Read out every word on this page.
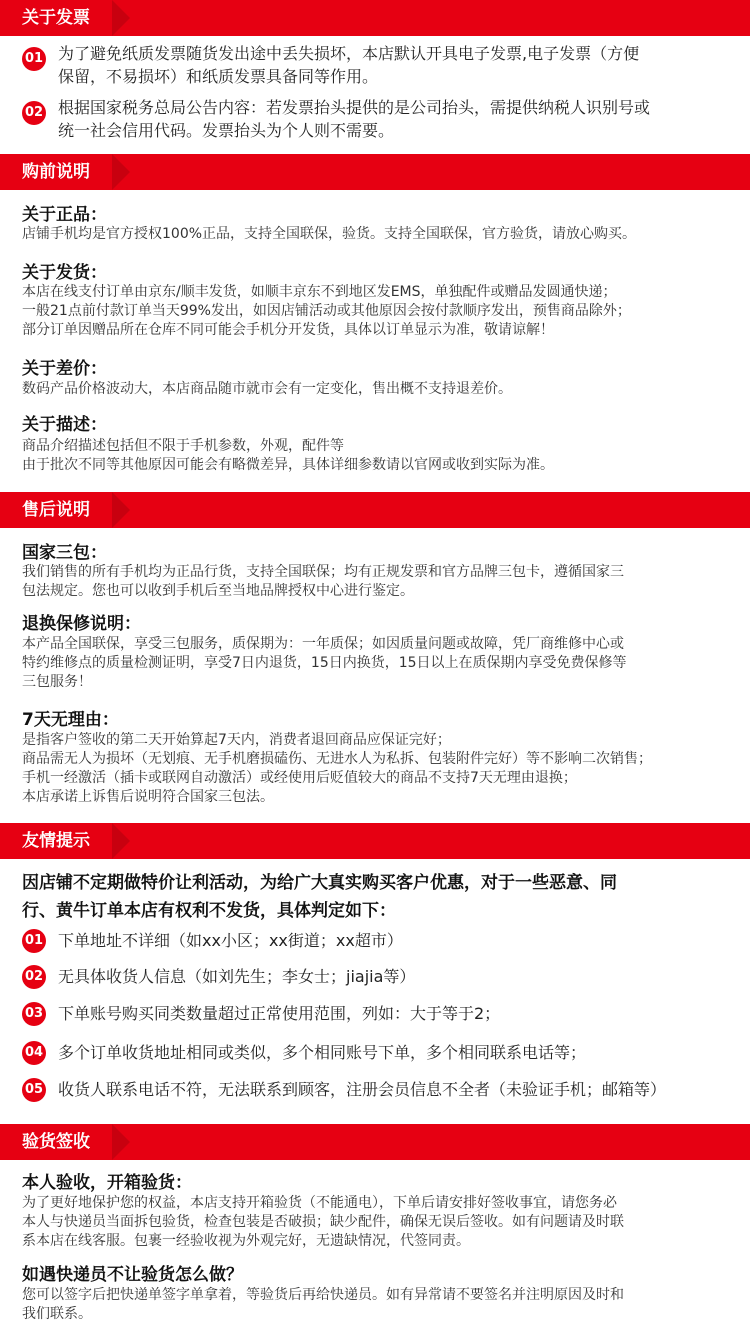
关于发票
01 为了避免纸质发票随货发出途中丢失损坏，本店默认开具电子发票,电子发票（方便
保留，不易损坏）和纸质发票具备同等作用。
02 根据国家税务总局公告内容：若发票抬头提供的是公司抬头，需提供纳税人识别号或
统一社会信用代码。发票抬头为个人则不需要。
购前说明
关于正品：
店铺手机均是官方授权100%正品，支持全国联保，验货。支持全国联保，官方验货，请放心购买。
关于发货：
本店在线支付订单由京东/顺丰发货，如顺丰京东不到地区发EMS，单独配件或赠品发圆通快递；
一般21点前付款订单当天99%发出，如因店铺活动或其他原因会按付款顺序发出，预售商品除外；
部分订单因赠品所在仓库不同可能会手机分开发货，具体以订单显示为准，敬请谅解！
关于差价：
数码产品价格波动大，本店商品随市就市会有一定变化，售出概不支持退差价。
关于描述：
商品介绍描述包括但不限于手机参数，外观，配件等
由于批次不同等其他原因可能会有略微差异，具体详细参数请以官网或收到实际为准。
售后说明
国家三包：
我们销售的所有手机均为正品行货，支持全国联保；均有正规发票和官方品牌三包卡，遵循国家三
包法规定。您也可以收到手机后至当地品牌授权中心进行鉴定。
退换保修说明：
本产品全国联保，享受三包服务，质保期为：一年质保；如因质量问题或故障，凭厂商维修中心或
特约维修点的质量检测证明，享受7日内退货，15日内换货，15日以上在质保期内享受免费保修等
三包服务！
7天无理由：
是指客户签收的第二天开始算起7天内，消费者退回商品应保证完好；
商品需无人为损坏（无划痕、无手机磨损磕伤、无进水人为私拆、包装附件完好）等不影响二次销售；
手机一经激活（插卡或联网自动激活）或经使用后贬值较大的商品不支持7天无理由退换；
本店承诺上诉售后说明符合国家三包法。
友情提示
因店铺不定期做特价让利活动，为给广大真实购买客户优惠，对于一些恶意、同
行、黄牛订单本店有权利不发货，具体判定如下：
01 下单地址不详细（如xx小区；xx街道；xx超市）
02 无具体收货人信息（如刘先生；李女士；jiajia等）
03 下单账号购买同类数量超过正常使用范围，列如：大于等于2；
04 多个订单收货地址相同或类似，多个相同账号下单，多个相同联系电话等；
05 收货人联系电话不符，无法联系到顾客，注册会员信息不全者（未验证手机；邮箱等）
验货签收
本人验收，开箱验货：
为了更好地保护您的权益，本店支持开箱验货（不能通电），下单后请安排好签收事宜，请您务必
本人与快递员当面拆包验货，检查包装是否破损；缺少配件，确保无误后签收。如有问题请及时联
系本店在线客服。包裹一经验收视为外观完好，无遗缺情况，代签同责。
如遇快递员不让验货怎么做？
您可以签字后把快递单签字单拿着，等验货后再给快递员。如有异常请不要签名并注明原因及时和
我们联系。
